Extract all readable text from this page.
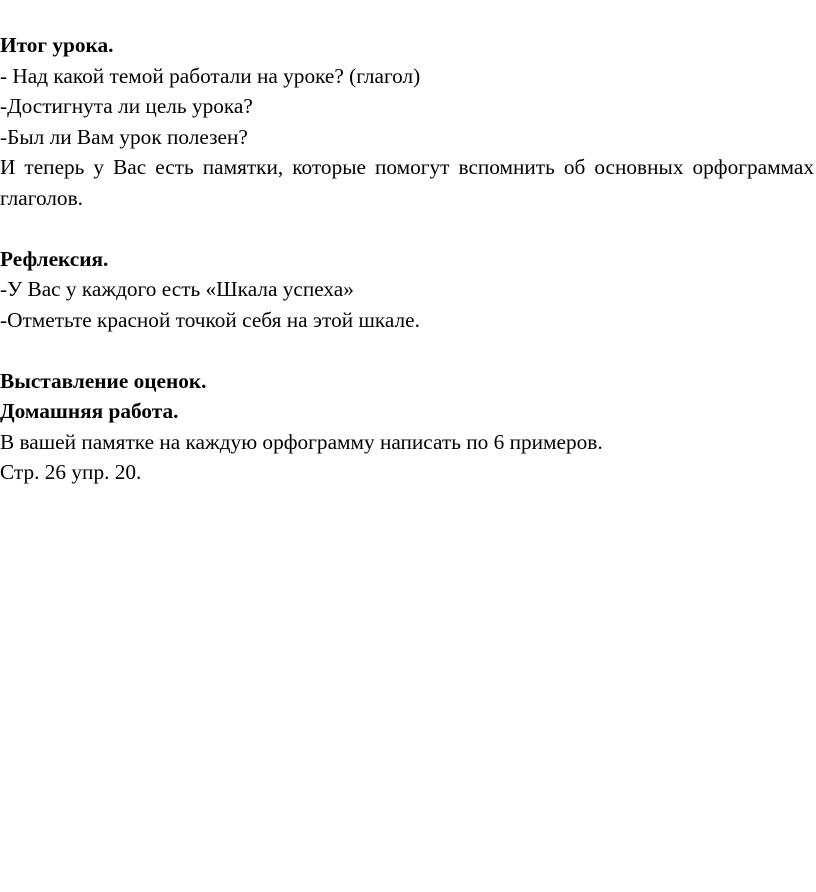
Итог урока.
- Над какой темой работали на уроке? (глагол)
-Достигнута ли цель урока?
-Был ли Вам урок полезен?
И теперь у Вас есть памятки, которые помогут вспомнить об основных орфограммах глаголов.
Рефлексия.
-У Вас у каждого есть «Шкала успеха»
-Отметьте красной точкой себя на этой шкале.
Выставление оценок.
Домашняя работа.
В вашей памятке на каждую орфограмму написать по 6 примеров.
Стр. 26 упр. 20.
